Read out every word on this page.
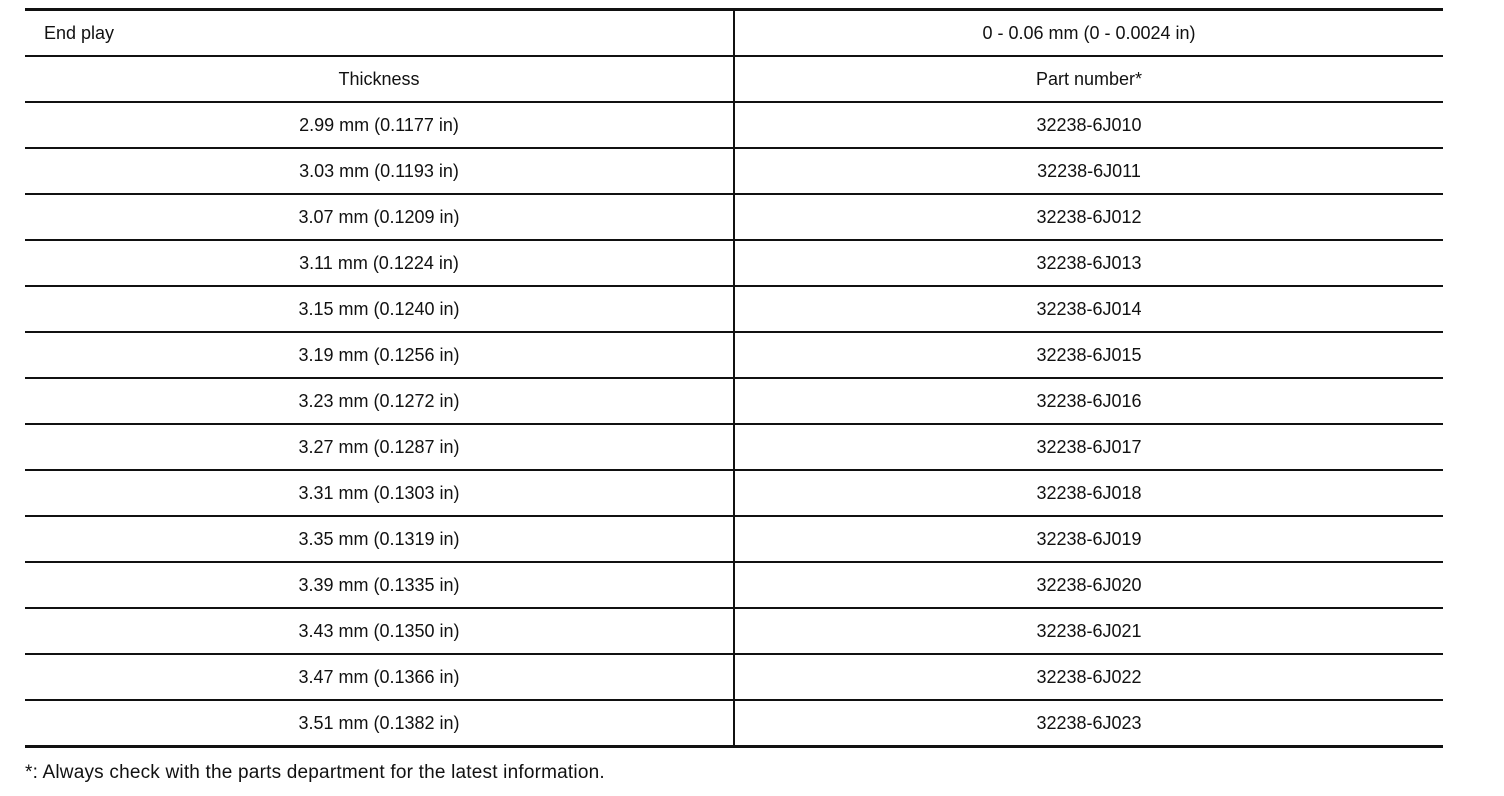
End play	0 - 0.06 mm (0 - 0.0024 in)
Thickness	Part number*
2.99 mm (0.1177 in)	32238-6J010
3.03 mm (0.1193 in)	32238-6J011
3.07 mm (0.1209 in)	32238-6J012
3.11 mm (0.1224 in)	32238-6J013
3.15 mm (0.1240 in)	32238-6J014
3.19 mm (0.1256 in)	32238-6J015
3.23 mm (0.1272 in)	32238-6J016
3.27 mm (0.1287 in)	32238-6J017
3.31 mm (0.1303 in)	32238-6J018
3.35 mm (0.1319 in)	32238-6J019
3.39 mm (0.1335 in)	32238-6J020
3.43 mm (0.1350 in)	32238-6J021
3.47 mm (0.1366 in)	32238-6J022
3.51 mm (0.1382 in)	32238-6J023
*: Always check with the parts department for the latest information.
